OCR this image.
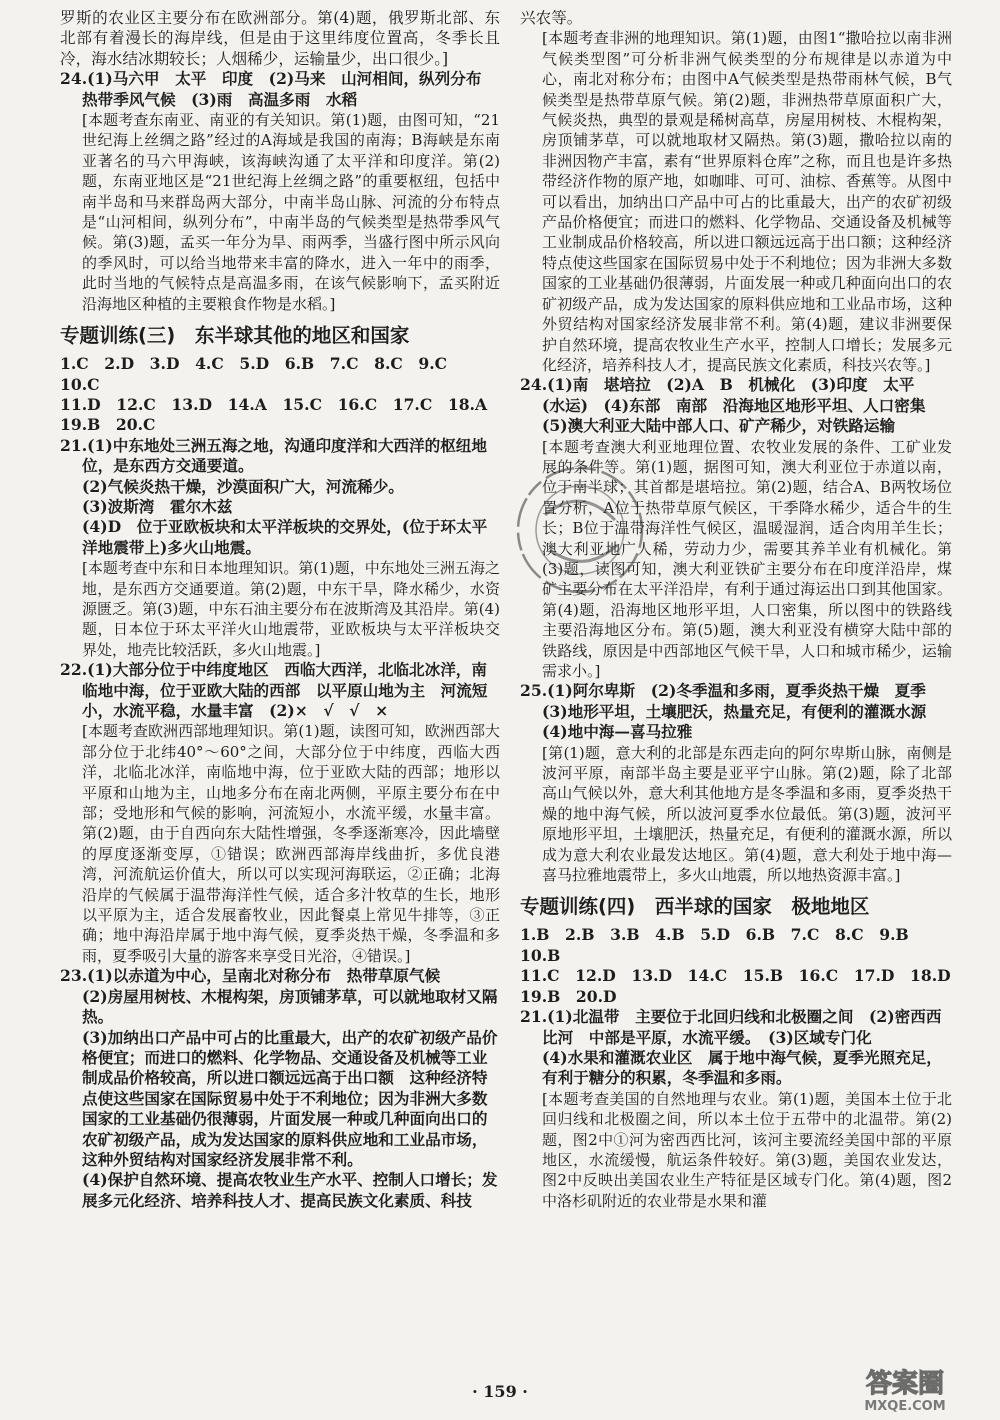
罗斯的农业区主要分布在欧洲部分。第(4)题，俄罗斯北部、东北部有着漫长的海岸线，但是由于这里纬度位置高，冬季长且冷，海水结冰期较长；人烟稀少，运输量少，出口很少。]

24.(1)马六甲　太平　印度　(2)马来　山河相间，纵列分布　热带季风气候　(3)雨　高温多雨　水稻

[本题考查东南亚、南亚的有关知识。第(1)题，由图可知，“21世纪海上丝绸之路”经过的A海域是我国的南海；B海峡是东南亚著名的马六甲海峡，该海峡沟通了太平洋和印度洋。第(2)题，东南亚地区是“21世纪海上丝绸之路”的重要枢纽，包括中南半岛和马来群岛两大部分，中南半岛山脉、河流的分布特点是“山河相间，纵列分布”，中南半岛的气候类型是热带季风气候。第(3)题，孟买一年分为旱、雨两季，当盛行图中所示风向的季风时，可以给当地带来丰富的降水，进入一年中的雨季，此时当地的气候特点是高温多雨，在该气候影响下，孟买附近沿海地区种植的主要粮食作物是水稻。]

专题训练(三)　东半球其他的地区和国家

1.C　2.D　3.D　4.C　5.D　6.B　7.C　8.C　9.C　10.C

11.D　12.C　13.D　14.A　15.C　16.C　17.C　18.A

19.B　20.C

21.(1)中东地处三洲五海之地，沟通印度洋和大西洋的枢纽地位，是东西方交通要道。

(2)气候炎热干燥，沙漠面积广大，河流稀少。

(3)波斯湾　霍尔木兹

(4)D　位于亚欧板块和太平洋板块的交界处，(位于环太平洋地震带上)多火山地震。

[本题考查中东和日本地理知识。第(1)题，中东地处三洲五海之地，是东西方交通要道。第(2)题，中东干旱，降水稀少，水资源匮乏。第(3)题，中东石油主要分布在波斯湾及其沿岸。第(4)题，日本位于环太平洋火山地震带，亚欧板块与太平洋板块交界处，地壳比较活跃，多火山地震。]

22.(1)大部分位于中纬度地区　西临大西洋，北临北冰洋，南临地中海，位于亚欧大陆的西部　以平原山地为主　河流短小，水流平稳，水量丰富　(2)×　√　√　×

[本题考查欧洲西部地理知识。第(1)题，读图可知，欧洲西部大部分位于北纬40°～60°之间，大部分位于中纬度，西临大西洋，北临北冰洋，南临地中海，位于亚欧大陆的西部；地形以平原和山地为主，山地多分布在南北两侧，平原主要分布在中部；受地形和气候的影响，河流短小，水流平缓，水量丰富。第(2)题，由于自西向东大陆性增强，冬季逐渐寒冷，因此墙壁的厚度逐渐变厚，①错误；欧洲西部海岸线曲折，多优良港湾，河流航运价值大，所以可以实现河海联运，②正确；北海沿岸的气候属于温带海洋性气候，适合多汁牧草的生长，地形以平原为主，适合发展畜牧业，因此餐桌上常见牛排等，③正确；地中海沿岸属于地中海气候，夏季炎热干燥，冬季温和多雨，夏季吸引大量的游客来享受日光浴，④错误。]

23.(1)以赤道为中心，呈南北对称分布　热带草原气候

(2)房屋用树枝、木棍构架，房顶铺茅草，可以就地取材又隔热。

(3)加纳出口产品中可占的比重最大，出产的农矿初级产品价格便宜；而进口的燃料、化学物品、交通设备及机械等工业制成品价格较高，所以进口额远远高于出口额　这种经济特点使这些国家在国际贸易中处于不利地位；因为非洲大多数国家的工业基础仍很薄弱，片面发展一种或几种面向出口的农矿初级产品，成为发达国家的原料供应地和工业品市场，这种外贸结构对国家经济发展非常不利。

(4)保护自然环境、提高农牧业生产水平、控制人口增长；发展多元化经济、培养科技人才、提高民族文化素质、科技

兴农等。

[本题考查非洲的地理知识。第(1)题，由图1“撒哈拉以南非洲气候类型图”可分析非洲气候类型的分布规律是以赤道为中心，南北对称分布；由图中A气候类型是热带雨林气候，B气候类型是热带草原气候。第(2)题，非洲热带草原面积广大，气候炎热，典型的景观是稀树高草，房屋用树枝、木棍构架，房顶铺茅草，可以就地取材又隔热。第(3)题，撒哈拉以南的非洲因物产丰富，素有“世界原料仓库”之称，而且也是许多热带经济作物的原产地，如咖啡、可可、油棕、香蕉等。从图中可以看出，加纳出口产品中可占的比重最大，出产的农矿初级产品价格便宜；而进口的燃料、化学物品、交通设备及机械等工业制成品价格较高，所以进口额远远高于出口额；这种经济特点使这些国家在国际贸易中处于不利地位；因为非洲大多数国家的工业基础仍很薄弱，片面发展一种或几种面向出口的农矿初级产品，成为发达国家的原料供应地和工业品市场，这种外贸结构对国家经济发展非常不利。第(4)题，建议非洲要保护自然环境，提高农牧业生产水平，控制人口增长；发展多元化经济，培养科技人才，提高民族文化素质，科技兴农等。]

24.(1)南　堪培拉　(2)A　B　机械化　(3)印度　太平　(水运)　(4)东部　南部　沿海地区地形平坦、人口密集　(5)澳大利亚大陆中部人口、矿产稀少，对铁路运输

[本题考查澳大利亚地理位置、农牧业发展的条件、工矿业发展的条件等。第(1)题，据图可知，澳大利亚位于赤道以南，位于南半球；其首都是堪培拉。第(2)题，结合A、B两牧场位置分析，A位于热带草原气候区，干季降水稀少，适合牛的生长；B位于温带海洋性气候区，温暖湿润，适合肉用羊生长；澳大利亚地广人稀，劳动力少，需要其养羊业有机械化。第(3)题，读图可知，澳大利亚铁矿主要分布在印度洋沿岸，煤矿主要分布在太平洋沿岸，有利于通过海运出口到其他国家。第(4)题，沿海地区地形平坦，人口密集，所以图中的铁路线主要沿海地区分布。第(5)题，澳大利亚没有横穿大陆中部的铁路线，原因是中西部地区气候干旱，人口和城市稀少，运输需求小。]

25.(1)阿尔卑斯　(2)冬季温和多雨，夏季炎热干燥　夏季

(3)地形平坦，土壤肥沃，热量充足，有便利的灌溉水源

(4)地中海—喜马拉雅

[第(1)题，意大利的北部是东西走向的阿尔卑斯山脉，南侧是波河平原，南部半岛主要是亚平宁山脉。第(2)题，除了北部高山气候以外，意大利其他地方是冬季温和多雨，夏季炎热干燥的地中海气候，所以波河夏季水位最低。第(3)题，波河平原地形平坦，土壤肥沃，热量充足，有便利的灌溉水源，所以成为意大利农业最发达地区。第(4)题，意大利处于地中海—喜马拉雅地震带上，多火山地震，所以地热资源丰富。]

专题训练(四)　西半球的国家　极地地区

1.B　2.B　3.B　4.B　5.D　6.B　7.C　8.C　9.B　10.B

11.C　12.D　13.D　14.C　15.B　16.C　17.D　18.D

19.B　20.D

21.(1)北温带　主要位于北回归线和北极圈之间　(2)密西西比河　中部是平原，水流平缓。　(3)区域专门化

(4)水果和灌溉农业区　属于地中海气候，夏季光照充足，有利于糖分的积累，冬季温和多雨。

[本题考查美国的自然地理与农业。第(1)题，美国本土位于北回归线和北极圈之间，所以本土位于五带中的北温带。第(2)题，图2中①河为密西西比河，该河主要流经美国中部的平原地区，水流缓慢，航运条件较好。第(3)题，美国农业发达，图2中反映出美国农业生产特征是区域专门化。第(4)题，图2中洛杉矶附近的农业带是水果和灌

· 159 ·	答案圈
MXQE.COM
